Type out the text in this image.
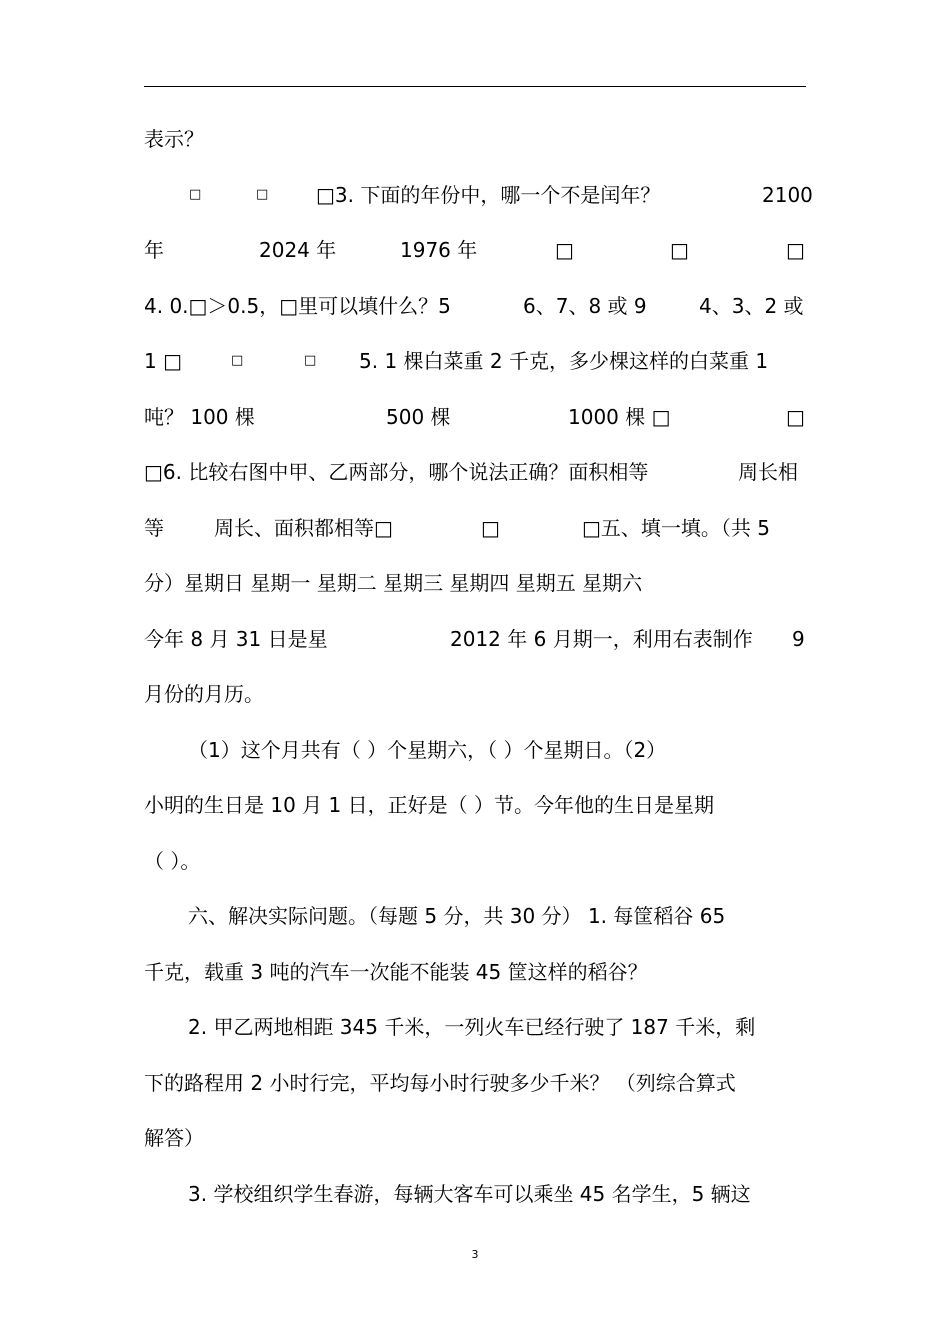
表示？
□	□ □3. 下面的年份中，哪一个不是闰年？	2100
年	2024 年	1976 年	□	□	□
4. 0.□＞0.5，□里可以填什么？5	6、7、8 或 9	4、3、2 或
1 □	□	□ 5. 1 棵白菜重 2 千克，多少棵这样的白菜重 1
吨？ 100 棵	500 棵	1000 棵 □	□
□6. 比较右图中甲、乙两部分，哪个说法正确？面积相等	周长相
等	周长、面积都相等□	□	□五、填一填。（共 5
分）星期日 星期一 星期二 星期三 星期四 星期五 星期六
今年 8 月 31 日是星	2012 年 6 月期一，利用右表制作 9
月份的月历。
（1）这个月共有（ ）个星期六，（ ）个星期日。（2）
小明的生日是 10 月 1 日，正好是（ ）节。今年他的生日是星期
（ ）。
六、解决实际问题。（每题 5 分，共 30 分） 1. 每筐稻谷 65
千克，载重 3 吨的汽车一次能不能装 45 筐这样的稻谷？
2. 甲乙两地相距 345 千米，一列火车已经行驶了 187 千米，剩
下的路程用 2 小时行完，平均每小时行驶多少千米？ （列综合算式
解答）
3. 学校组织学生春游，每辆大客车可以乘坐 45 名学生，5 辆这
3
